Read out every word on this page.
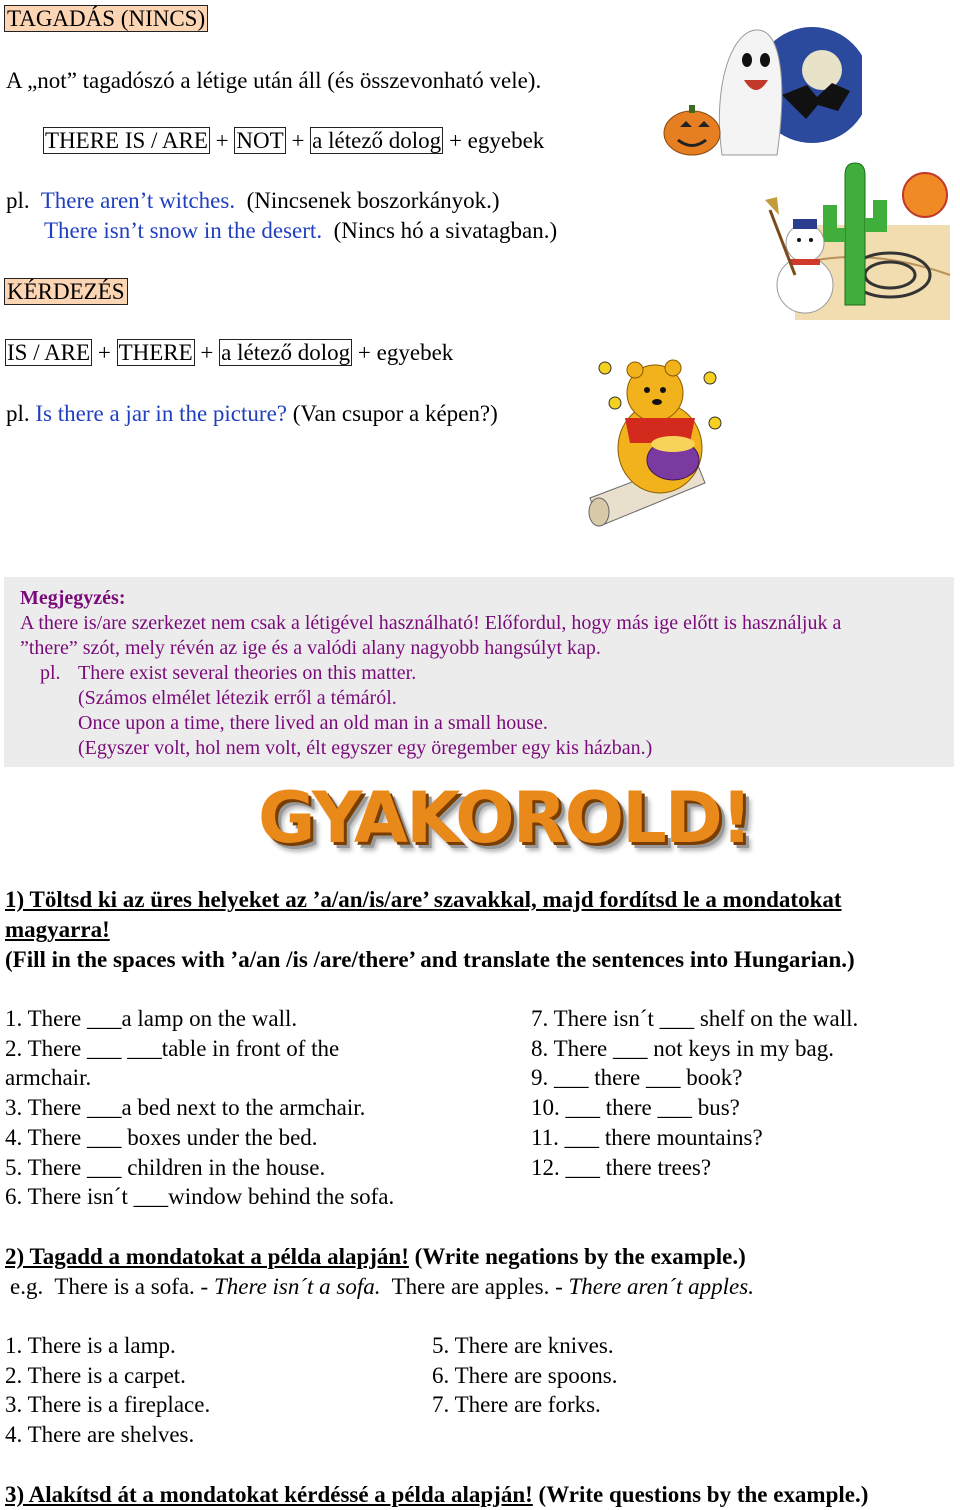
TAGADÁS (NINCS)
A „not” tagadószó a létige után áll (és összevonható vele).
THERE IS / ARE + NOT + a létező dolog + egyebek
pl. There aren’t witches. (Nincsenek boszorkányok.)
There isn’t snow in the desert. (Nincs hó a sivatagban.)
KÉRDEZÉS
IS / ARE + THERE + a létező dolog + egyebek
pl. Is there a jar in the picture? (Van csupor a képen?)
Megjegyzés:
A there is/are szerkezet nem csak a létigével használható! Előfordul, hogy más ige előtt is használjuk a
”there” szót, mely révén az ige és a valódi alany nagyobb hangsúlyt kap.
pl. There exist several theories on this matter.
(Számos elmélet létezik erről a témáról.
Once upon a time, there lived an old man in a small house.
(Egyszer volt, hol nem volt, élt egyszer egy öregember egy kis házban.)
GYAKOROLD!
1) Töltsd ki az üres helyeket az ’a/an/is/are’ szavakkal, majd fordítsd le a mondatokat
magyarra!
(Fill in the spaces with ’a/an /is /are/there’ and translate the sentences into Hungarian.)
1. There ___a lamp on the wall.
2. There ___ ___table in front of the
armchair.
3. There ___a bed next to the armchair.
4. There ___ boxes under the bed.
5. There ___ children in the house.
6. There isn´t ___window behind the sofa.
7. There isn´t ___ shelf on the wall.
8. There ___ not keys in my bag.
9. ___ there ___ book?
10. ___ there ___ bus?
11. ___ there mountains?
12. ___ there trees?
2) Tagadd a mondatokat a példa alapján! (Write negations by the example.)
e.g. There is a sofa. - There isn´t a sofa. There are apples. - There aren´t apples.
1. There is a lamp.
2. There is a carpet.
3. There is a fireplace.
4. There are shelves.
5. There are knives.
6. There are spoons.
7. There are forks.
3) Alakítsd át a mondatokat kérdéssé a példa alapján! (Write questions by the example.)
